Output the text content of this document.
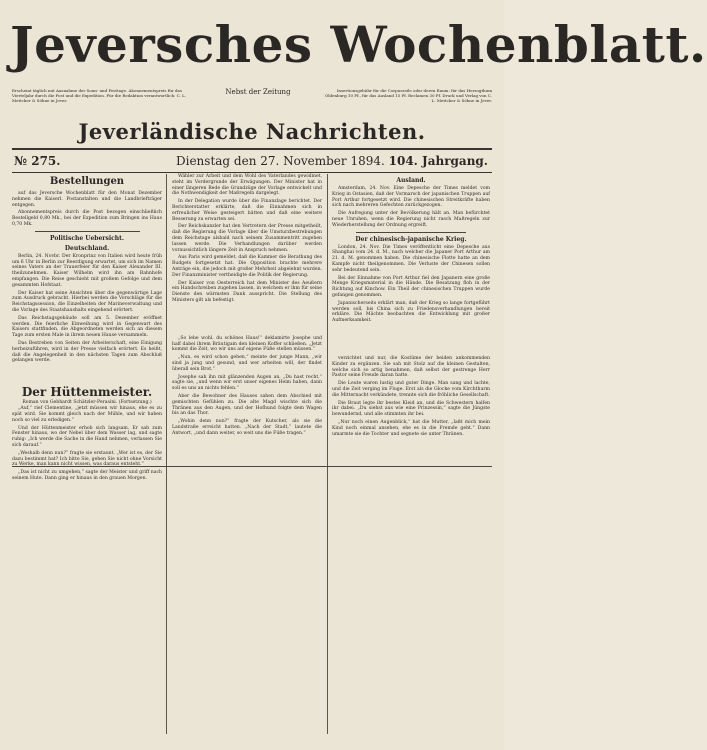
Jeversches Wochenblatt.
Erscheint täglich mit Ausnahme der Sonn- und Festtage. Abonnementspreis für das Vierteljahr durch die Post und die Expedition. Für die Redaktion verantwortlich: C. L. Mettcker & Söhne in Jever.
Nebst der Zeitung	Insertionsgebühr für die Corpuszeile oder deren Raum: für das Herzogthum Oldenburg 10 Pf., für das Ausland 15 Pf. Reclamen 30 Pf. Druck und Verlag von C. L. Mettcker & Söhne in Jever.
Jeverländische Nachrichten.
№ 275.	Dienstag den 27. November 1894. 104. Jahrgang.
Bestellungen

auf das Jeversche Wochenblatt für den Monat Dezember nehmen die Kaiserl. Postanstalten und die Landbriefträger entgegen.

Abonnementspreis durch die Post bezogen einschließlich Bestellgeld 0,80 Mk., bei der Expedition zum Bringen ins Haus 0,70 Mk.

Politische Uebersicht.
Deutschland.

Berlin, 24. Novbr. Der Kronprinz von Italien wird heute früh um 6 Uhr in Berlin zur Beerdigung erwartet, um sich im Namen seines Vaters an der Trauerfeier für den Kaiser Alexander III. theilzunehmen. Kaiser Wilhelm wird ihn am Bahnhofe empfangen. Die Reise geschieht mit großem Gefolge und dem gesammten Hofstaat.

Der Kaiser hat seine Ansichten über die gegenwärtige Lage zum Ausdruck gebracht. Hierbei werden die Vorschläge für die Reichstagssession, die Einzelheiten der Marineverwaltung und die Vorlage des Staatshaushalts eingehend erörtert.

Das Reichstagsgebäude soll am 5. Dezember eröffnet werden. Die feierliche Einweihung wird in Gegenwart des Kaisers stattfinden, die Abgeordneten werden sich an diesem Tage zum ersten Male in ihrem neuen Hause versammeln.

Das Bestreben von Seiten der Arbeiterschaft, eine Einigung herbeizuführen, wird in der Presse vielfach erörtert. Es heißt, daß die Angelegenheit in den nächsten Tagen zum Abschluß gelangen werde.

Der Hüttenmeister.
Roman von Gebhardt Schätzler-Perasini. (Fortsetzung.)

„Auf,“ rief Clementine, „jetzt müssen wir hinaus, ehe es zu spät wird. Sie kommt gleich nach der Mühle, und wir haben noch so viel zu erledigen.“

Und der Hüttenmeister erhob sich langsam. Er sah zum Fenster hinaus, wo der Nebel über dem Wasser lag, und sagte ruhig: „Ich werde die Sache in die Hand nehmen, verlassen Sie sich darauf.“

„Weshalb denn nun?“ fragte sie erstaunt. „Wer ist es, der Sie dazu bestimmt hat? Ich bitte Sie, gehen Sie nicht ohne Vorsicht zu Werke, man kann nicht wissen, was daraus entsteht.“

„Das ist nicht zu umgehen,“ sagte der Meister und griff nach seinem Hute. Dann ging er hinaus in den grauen Morgen.

Wähler zur Arbeit und dem Wohl des Vaterlandes gewidmet, steht im Vordergrunde der Erwägungen. Der Minister hat in einer längeren Rede die Grundzüge der Vorlage entwickelt und die Nothwendigkeit der Maßregeln dargelegt.

In der Delegation wurde über die Finanzlage berichtet. Der Berichterstatter erklärte, daß die Einnahmen sich in erfreulicher Weise gesteigert hätten und daß eine weitere Besserung zu erwarten sei.

Der Reichskanzler hat den Vertretern der Presse mitgetheilt, daß die Regierung die Vorlage über die Umsturzbestrebungen dem Reichstage alsbald nach seinem Zusammentritt zugehen lassen werde. Die Verhandlungen darüber werden voraussichtlich längere Zeit in Anspruch nehmen.

Aus Paris wird gemeldet, daß die Kammer die Berathung des Budgets fortgesetzt hat. Die Opposition brachte mehrere Anträge ein, die jedoch mit großer Mehrheit abgelehnt wurden. Der Finanzminister vertheidigte die Politik der Regierung.

Der Kaiser von Oesterreich hat dem Minister des Aeußern ein Handschreiben zugehen lassen, in welchem er ihm für seine Dienste den wärmsten Dank ausspricht. Die Stellung des Ministers gilt als befestigt.

„So lebe wohl, du schönes Haus!“ deklamirte Josephe und half dabei ihrem Bräutigam den kleinen Koffer schließen. „Jetzt kommt die Zeit, wo wir uns auf eigene Füße stellen müssen.“

„Nun, es wird schon gehen,“ meinte der junge Mann, „wir sind ja jung und gesund, und wer arbeiten will, der findet überall sein Brot.“

Josephe sah ihn mit glänzenden Augen an. „Du hast recht,“ sagte sie, „und wenn wir erst unser eigenes Heim haben, dann soll es uns an nichts fehlen.“

Aber die Bewohner des Hauses sahen dem Abschied mit gemischten Gefühlen zu. Die alte Magd wischte sich die Thränen aus den Augen, und der Hofhund folgte dem Wagen bis an das Thor.

„Wohin denn nun?“ fragte der Kutscher, als sie die Landstraße erreicht hatten. „Nach der Stadt,“ lautete die Antwort, „und dann weiter, so weit uns die Füße tragen.“

Ausland.

Amsterdam, 24. Nov. Eine Depesche der Times meldet vom Krieg in Ostasien, daß der Vormarsch der japanischen Truppen auf Port Arthur fortgesetzt wird. Die chinesischen Streitkräfte haben sich nach mehreren Gefechten zurückgezogen.

Die Aufregung unter der Bevölkerung hält an. Man befürchtet neue Unruhen, wenn die Regierung nicht rasch Maßregeln zur Wiederherstellung der Ordnung ergreift.

Der chinesisch-japanische Krieg.

London, 24. Nov. Die Times veröffentlicht eine Depesche aus Shanghai vom 24. d. M., nach welcher die Japaner Port Arthur am 21. d. M. genommen haben. Die chinesische Flotte hatte an dem Kampfe nicht theilgenommen. Die Verluste der Chinesen sollen sehr bedeutend sein.

Bei der Einnahme von Port Arthur fiel den Japanern eine große Menge Kriegsmaterial in die Hände. Die Besatzung floh in der Richtung auf Kinchow. Ein Theil der chinesischen Truppen wurde gefangen genommen.

Japanischerseits erklärt man, daß der Krieg so lange fortgeführt werden soll, bis China sich zu Friedensverhandlungen bereit erkläre. Die Mächte beobachten die Entwicklung mit großer Aufmerksamkeit.

verzichtet und nur, die Kostüme der beiden ankommenden Kinder zu ergänzen. Sie sah mit Stolz auf die kleinen Gestalten, welche sich so artig benahmen, daß selbst der gestrenge Herr Pastor seine Freude daran hatte.

Die Leute waren lustig und guter Dinge. Man sang und lachte, und die Zeit verging im Fluge. Erst als die Glocke vom Kirchthurm die Mitternacht verkündete, trennte sich die fröhliche Gesellschaft.

Die Braut legte ihr bestes Kleid an, und die Schwestern halfen ihr dabei. „Du siehst aus wie eine Prinzessin,“ sagte die Jüngste bewundernd, und alle stimmten ihr bei.

„Nur noch einen Augenblick,“ bat die Mutter, „laßt mich mein Kind noch einmal ansehen, ehe es in die Fremde geht.“ Dann umarmte sie die Tochter und segnete sie unter Thränen.
